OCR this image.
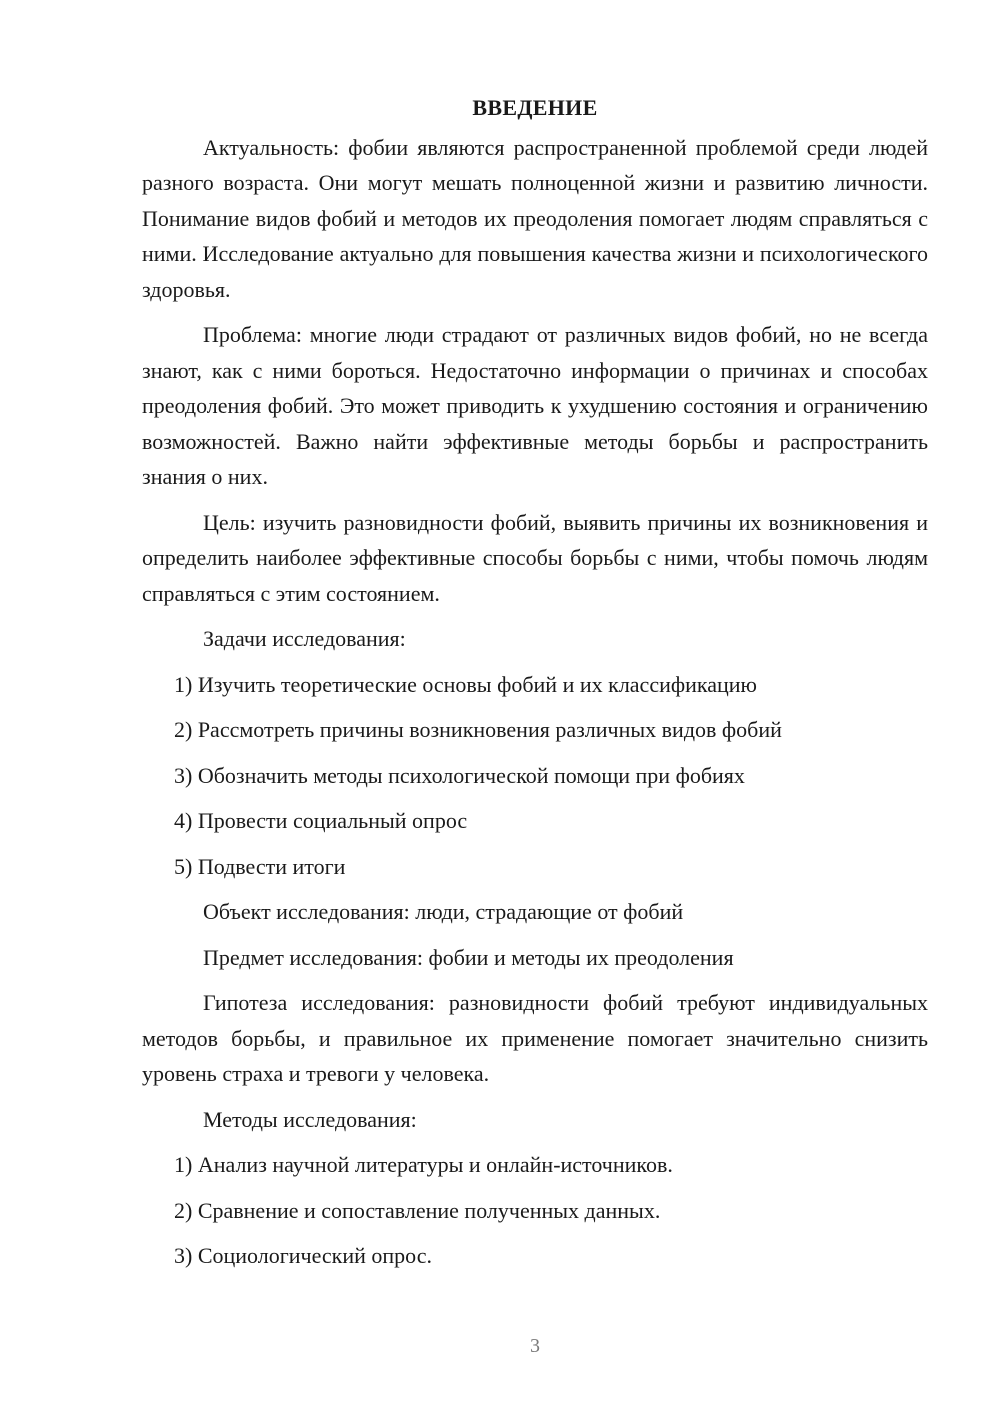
ВВЕДЕНИЕ

Актуальность: фобии являются распространенной проблемой среди людей разного возраста. Они могут мешать полноценной жизни и развитию личности. Понимание видов фобий и методов их преодоления помогает людям справляться с ними. Исследование актуально для повышения качества жизни и психологического здоровья.

Проблема: многие люди страдают от различных видов фобий, но не всегда знают, как с ними бороться. Недостаточно информации о причинах и способах преодоления фобий. Это может приводить к ухудшению состояния и ограничению возможностей. Важно найти эффективные методы борьбы и распространить знания о них.

Цель: изучить разновидности фобий, выявить причины их возникновения и определить наиболее эффективные способы борьбы с ними, чтобы помочь людям справляться с этим состоянием.

Задачи исследования:
1) Изучить теоретические основы фобий и их классификацию
2) Рассмотреть причины возникновения различных видов фобий
3) Обозначить методы психологической помощи при фобиях
4) Провести социальный опрос
5) Подвести итоги
Объект исследования: люди, страдающие от фобий
Предмет исследования: фобии и методы их преодоления

Гипотеза исследования: разновидности фобий требуют индивидуальных методов борьбы, и правильное их применение помогает значительно снизить уровень страха и тревоги у человека.

Методы исследования:
1) Анализ научной литературы и онлайн-источников.
2) Сравнение и сопоставление полученных данных.
3) Социологический опрос.
3
